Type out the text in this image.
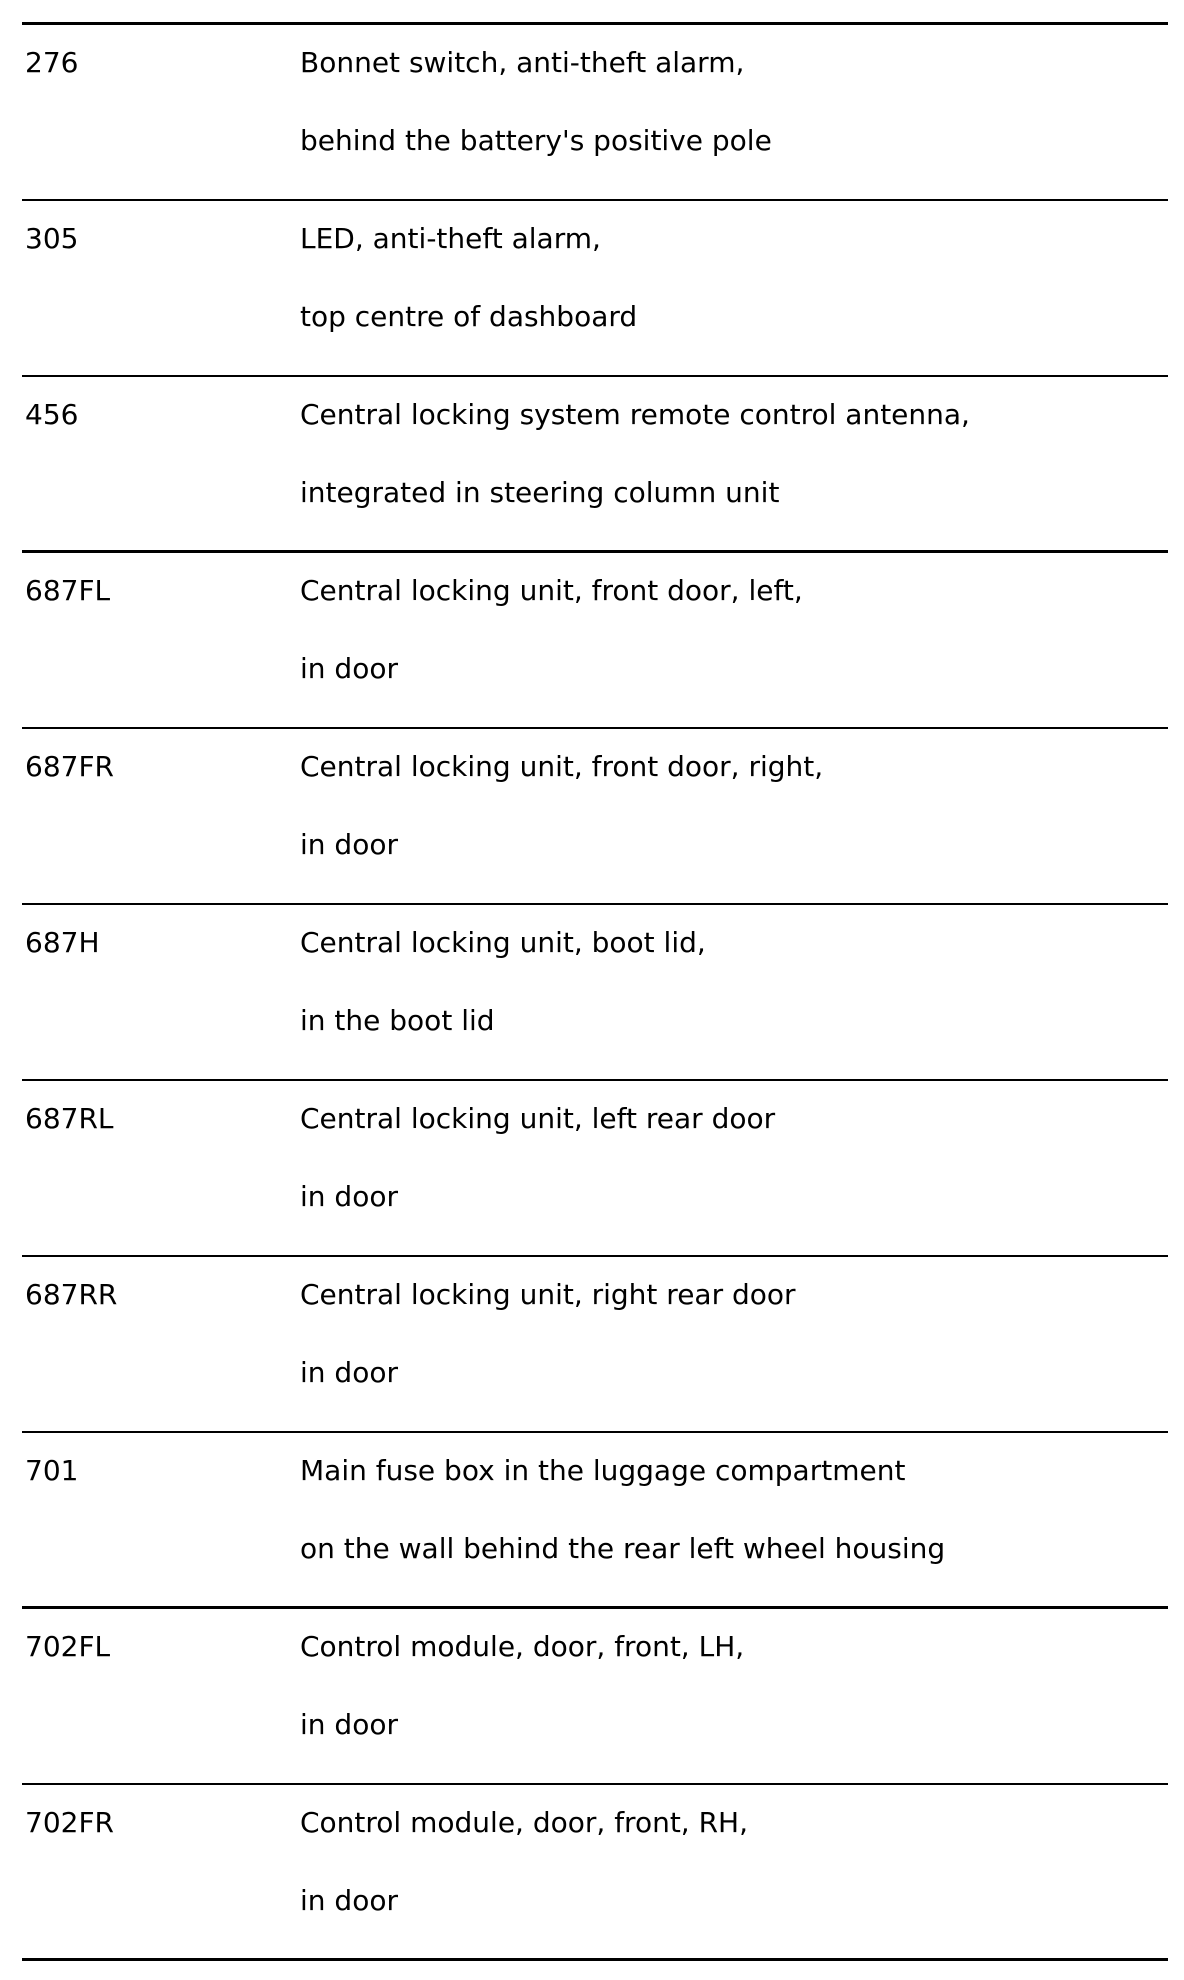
276	Bonnet switch, anti-theft alarm,
behind the battery's positive pole
305	LED, anti-theft alarm,
top centre of dashboard
456	Central locking system remote control antenna,
integrated in steering column unit
687FL	Central locking unit, front door, left,
in door
687FR	Central locking unit, front door, right,
in door
687H	Central locking unit, boot lid,
in the boot lid
687RL	Central locking unit, left rear door
in door
687RR	Central locking unit, right rear door
in door
701	Main fuse box in the luggage compartment
on the wall behind the rear left wheel housing
702FL	Control module, door, front, LH,
in door
702FR	Control module, door, front, RH,
in door
